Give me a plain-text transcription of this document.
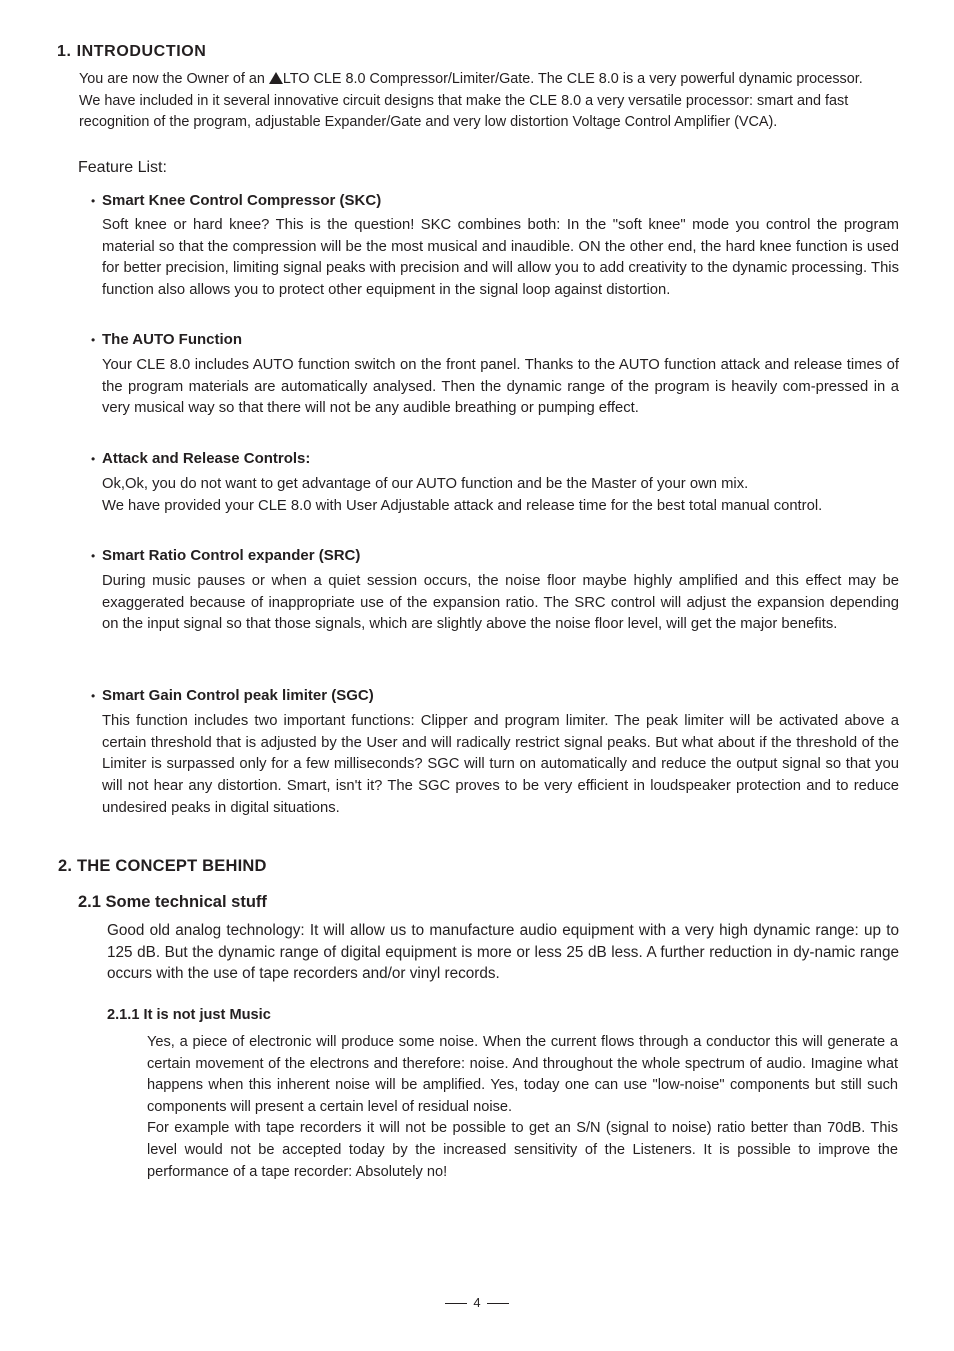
1. INTRODUCTION
You are now the Owner of an LTO CLE 8.0 Compressor/Limiter/Gate. The CLE 8.0 is a very powerful dynamic processor.
We have included in it several innovative circuit designs that make the CLE 8.0 a very versatile processor: smart and fast
recognition of the program, adjustable Expander/Gate and very low distortion Voltage Control Amplifier (VCA).
Feature List:
• Smart Knee Control Compressor (SKC)
Soft knee or hard knee? This is the question! SKC combines both: In the "soft knee" mode you control the program material so that the compression will be the most musical and inaudible. ON the other end, the hard knee function is used for better precision, limiting signal peaks with precision and will allow you to add creativity to the dynamic processing. This function also allows you to protect other equipment in the signal loop against distortion.
• The AUTO Function
Your CLE 8.0 includes AUTO function switch on the front panel. Thanks to the AUTO function attack and release times of the program materials are automatically analysed. Then the dynamic range of the program is heavily com-pressed in a very musical way so that there will not be any audible breathing or pumping effect.
• Attack and Release Controls:
Ok,Ok, you do not want to get advantage of our AUTO function and be the Master of your own mix.
We have provided your CLE 8.0 with User Adjustable attack and release time for the best total manual control.
• Smart Ratio Control expander (SRC)
During music pauses or when a quiet session occurs, the noise floor maybe highly amplified and this effect may be exaggerated because of inappropriate use of the expansion ratio. The SRC control will adjust the expansion depending on the input signal so that those signals, which are slightly above the noise floor level, will get the major benefits.
• Smart Gain Control peak limiter (SGC)
This function includes two important functions: Clipper and program limiter. The peak limiter will be activated above a certain threshold that is adjusted by the User and will radically restrict signal peaks. But what about if the threshold of the Limiter is surpassed only for a few milliseconds? SGC will turn on automatically and reduce the output signal so that you will not hear any distortion. Smart, isn't it? The SGC proves to be very efficient in loudspeaker protection and to reduce undesired peaks in digital situations.
2. THE CONCEPT BEHIND
2.1 Some technical stuff
Good old analog technology: It will allow us to manufacture audio equipment with a very high dynamic range: up to 125 dB. But the dynamic range of digital equipment is more or less 25 dB less. A further reduction in dy-namic range occurs with the use of tape recorders and/or vinyl records.
2.1.1 It is not just Music
Yes, a piece of electronic will produce some noise. When the current flows through a conductor this will generate a certain movement of the electrons and therefore: noise. And throughout the whole spectrum of audio. Imagine what happens when this inherent noise will be amplified. Yes, today one can use "low-noise" components but still such components will present a certain level of residual noise.
For example with tape recorders it will not be possible to get an S/N (signal to noise) ratio better than 70dB. This level would not be accepted today by the increased sensitivity of the Listeners. It is possible to improve the performance of a tape recorder: Absolutely no!
4
